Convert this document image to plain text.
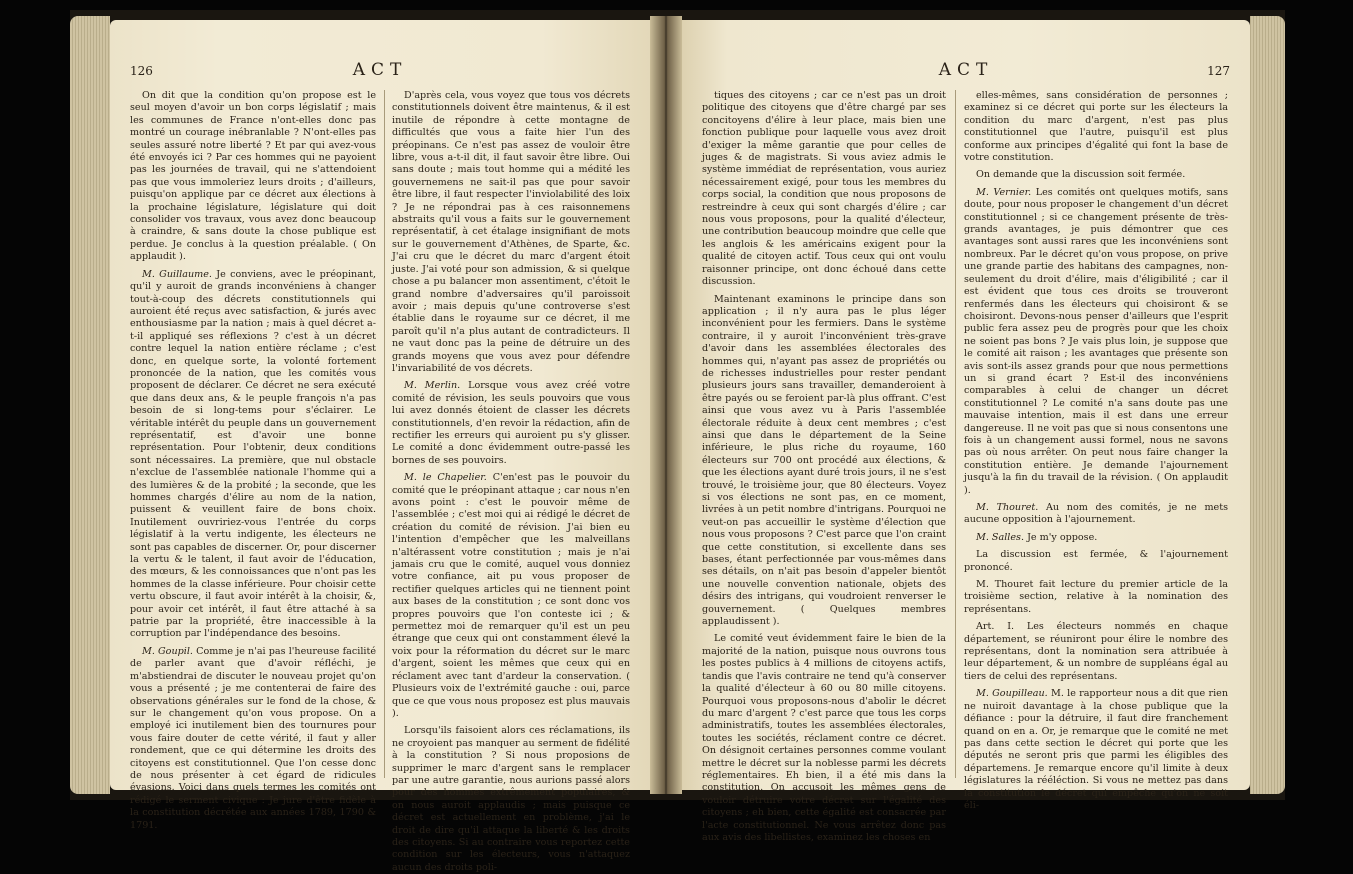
126	ACT

On dit que la condition qu'on propose est le seul moyen d'avoir un bon corps législatif ; mais les communes de France n'ont-elles donc pas montré un courage inébranlable ? N'ont-elles pas seules assuré notre liberté ? Et par qui avez-vous été envoyés ici ? Par ces hommes qui ne payoient pas les journées de travail, qui ne s'attendoient pas que vous immoleriez leurs droits ; d'ailleurs, puisqu'on applique par ce décret aux élections à la prochaine législature, législature qui doit consolider vos travaux, vous avez donc beaucoup à craindre, & sans doute la chose publique est perdue. Je conclus à la question préalable. ( On applaudit ).

M. Guillaume. Je conviens, avec le préopinant, qu'il y auroit de grands inconvéniens à changer tout-à-coup des décrets constitutionnels qui auroient été reçus avec satisfaction, & jurés avec enthousiasme par la nation ; mais à quel décret a-t-il appliqué ses réflexions ? c'est à un décret contre lequel la nation entière réclame ; c'est donc, en quelque sorte, la volonté fortement prononcée de la nation, que les comités vous proposent de déclarer. Ce décret ne sera exécuté que dans deux ans, & le peuple françois n'a pas besoin de si long-tems pour s'éclairer. Le véritable intérêt du peuple dans un gouvernement représentatif, est d'avoir une bonne représentation. Pour l'obtenir, deux conditions sont nécessaires. La première, que nul obstacle n'exclue de l'assemblée nationale l'homme qui a des lumières & de la probité ; la seconde, que les hommes chargés d'élire au nom de la nation, puissent & veuillent faire de bons choix. Inutilement ouvririez-vous l'entrée du corps législatif à la vertu indigente, les électeurs ne sont pas capables de discerner. Or, pour discerner la vertu & le talent, il faut avoir de l'éducation, des mœurs, & les connoissances que n'ont pas les hommes de la classe inférieure. Pour choisir cette vertu obscure, il faut avoir intérêt à la choisir, &, pour avoir cet intérêt, il faut être attaché à sa patrie par la propriété, être inaccessible à la corruption par l'indépendance des besoins.

M. Goupil. Comme je n'ai pas l'heureuse facilité de parler avant que d'avoir réfléchi, je m'abstiendrai de discuter le nouveau projet qu'on vous a présenté ; je me contenterai de faire des observations générales sur le fond de la chose, & sur le changement qu'on vous propose. On a employé ici inutilement bien des tournures pour vous faire douter de cette vérité, il faut y aller rondement, que ce qui détermine les droits des citoyens est constitutionnel. Que l'on cesse donc de nous présenter à cet égard de ridicules évasions. Voici dans quels termes les comités ont rédigé le serment civique : Je jure d'être fidèle à la constitution décrétée aux années 1789, 1790 & 1791.

D'après cela, vous voyez que tous vos décrets constitutionnels doivent être maintenus, & il est inutile de répondre à cette montagne de difficultés que vous a faite hier l'un des préopinans. Ce n'est pas assez de vouloir être libre, vous a-t-il dit, il faut savoir être libre. Oui sans doute ; mais tout homme qui a médité les gouvernemens ne sait-il pas que pour savoir être libre, il faut respecter l'inviolabilité des loix ? Je ne répondrai pas à ces raisonnemens abstraits qu'il vous a faits sur le gouvernement représentatif, à cet étalage insignifiant de mots sur le gouvernement d'Athènes, de Sparte, &c. J'ai cru que le décret du marc d'argent étoit juste. J'ai voté pour son admission, & si quelque chose a pu balancer mon assentiment, c'étoit le grand nombre d'adversaires qu'il paroissoit avoir ; mais depuis qu'une controverse s'est établie dans le royaume sur ce décret, il me paroît qu'il n'a plus autant de contradicteurs. Il ne vaut donc pas la peine de détruire un des grands moyens que vous avez pour défendre l'invariabilité de vos décrets.

M. Merlin. Lorsque vous avez créé votre comité de révision, les seuls pouvoirs que vous lui avez donnés étoient de classer les décrets constitutionnels, d'en revoir la rédaction, afin de rectifier les erreurs qui auroient pu s'y glisser. Le comité a donc évidemment outre-passé les bornes de ses pouvoirs.

M. le Chapelier. C'en'est pas le pouvoir du comité que le préopinant attaque ; car nous n'en avons point : c'est le pouvoir même de l'assemblée ; c'est moi qui ai rédigé le décret de création du comité de révision. J'ai bien eu l'intention d'empêcher que les malveillans n'altérassent votre constitution ; mais je n'ai jamais cru que le comité, auquel vous donniez votre confiance, ait pu vous proposer de rectifier quelques articles qui ne tiennent point aux bases de la constitution ; ce sont donc vos propres pouvoirs que l'on conteste ici ; & permettez moi de remarquer qu'il est un peu étrange que ceux qui ont constamment élevé la voix pour la réformation du décret sur le marc d'argent, soient les mêmes que ceux qui en réclament avec tant d'ardeur la conservation. ( Plusieurs voix de l'extrémité gauche : oui, parce que ce que vous nous proposez est plus mauvais ).

Lorsqu'ils faisoient alors ces réclamations, ils ne croyoient pas manquer au serment de fidélité à la constitution ? Si nous proposions de supprimer le marc d'argent sans le remplacer par une autre garantie, nous aurions passé alors pour des hommes extrêmement populaires, & on nous auroit applaudis ; mais puisque ce décret est actuellement en problème, j'ai le droit de dire qu'il attaque la liberté & les droits des citoyens. Si au contraire vous reportez cette condition sur les électeurs, vous n'attaquez aucun des droits poli-

ACT	127

tiques des citoyens ; car ce n'est pas un droit politique des citoyens que d'être chargé par ses concitoyens d'élire à leur place, mais bien une fonction publique pour laquelle vous avez droit d'exiger la même garantie que pour celles de juges & de magistrats. Si vous aviez admis le système immédiat de représentation, vous auriez nécessairement exigé, pour tous les membres du corps social, la condition que nous proposons de restreindre à ceux qui sont chargés d'élire ; car nous vous proposons, pour la qualité d'électeur, une contribution beaucoup moindre que celle que les anglois & les américains exigent pour la qualité de citoyen actif. Tous ceux qui ont voulu raisonner principe, ont donc échoué dans cette discussion.

Maintenant examinons le principe dans son application ; il n'y aura pas le plus léger inconvénient pour les fermiers. Dans le système contraire, il y auroit l'inconvénient très-grave d'avoir dans les assemblées électorales des hommes qui, n'ayant pas assez de propriétés ou de richesses industrielles pour rester pendant plusieurs jours sans travailler, demanderoient à être payés ou se feroient par-là plus offrant. C'est ainsi que vous avez vu à Paris l'assemblée électorale réduite à deux cent membres ; c'est ainsi que dans le département de la Seine inférieure, le plus riche du royaume, 160 électeurs sur 700 ont procédé aux élections, & que les élections ayant duré trois jours, il ne s'est trouvé, le troisième jour, que 80 électeurs. Voyez si vos élections ne sont pas, en ce moment, livrées à un petit nombre d'intrigans. Pourquoi ne veut-on pas accueillir le système d'élection que nous vous proposons ? C'est parce que l'on craint que cette constitution, si excellente dans ses bases, étant perfectionnée par vous-mêmes dans ses détails, on n'ait pas besoin d'appeler bientôt une nouvelle convention nationale, objets des désirs des intrigans, qui voudroient renverser le gouvernement. ( Quelques membres applaudissent ).

Le comité veut évidemment faire le bien de la majorité de la nation, puisque nous ouvrons tous les postes publics à 4 millions de citoyens actifs, tandis que l'avis contraire ne tend qu'à conserver la qualité d'électeur à 60 ou 80 mille citoyens. Pourquoi vous proposons-nous d'abolir le décret du marc d'argent ? c'est parce que tous les corps administratifs, toutes les assemblées électorales, toutes les sociétés, réclament contre ce décret. On désignoit certaines personnes comme voulant mettre le décret sur la noblesse parmi les décrets réglementaires. Eh bien, il a été mis dans la constitution. On accusoit les mêmes gens de vouloir détruire votre décret sur l'égalité des citoyens ; eh bien, cette égalité est consacrée par l'acte constitutionnel. Ne vous arrêtez donc pas aux avis des libellistes, examinez les choses en

elles-mêmes, sans considération de personnes ; examinez si ce décret qui porte sur les électeurs la condition du marc d'argent, n'est pas plus constitutionnel que l'autre, puisqu'il est plus conforme aux principes d'égalité qui font la base de votre constitution.

On demande que la discussion soit fermée.

M. Vernier. Les comités ont quelques motifs, sans doute, pour nous proposer le changement d'un décret constitutionnel ; si ce changement présente de très-grands avantages, je puis démontrer que ces avantages sont aussi rares que les inconvéniens sont nombreux. Par le décret qu'on vous propose, on prive une grande partie des habitans des campagnes, non-seulement du droit d'élire, mais d'éligibilité ; car il est évident que tous ces droits se trouveront renfermés dans les électeurs qui choisiront & se choisiront. Devons-nous penser d'ailleurs que l'esprit public fera assez peu de progrès pour que les choix ne soient pas bons ? Je vais plus loin, je suppose que le comité ait raison ; les avantages que présente son avis sont-ils assez grands pour que nous permettions un si grand écart ? Est-il des inconvéniens comparables à celui de changer un décret constitutionnel ? Le comité n'a sans doute pas une mauvaise intention, mais il est dans une erreur dangereuse. Il ne voit pas que si nous consentons une fois à un changement aussi formel, nous ne savons pas où nous arrêter. On peut nous faire changer la constitution entière. Je demande l'ajournement jusqu'à la fin du travail de la révision. ( On applaudit ).

M. Thouret. Au nom des comités, je ne mets aucune opposition à l'ajournement.

M. Salles. Je m'y oppose.

La discussion est fermée, & l'ajournement prononcé.

M. Thouret fait lecture du premier article de la troisième section, relative à la nomination des représentans.

Art. I. Les électeurs nommés en chaque département, se réuniront pour élire le nombre des représentans, dont la nomination sera attribuée à leur département, & un nombre de suppléans égal au tiers de celui des représentans.

M. Goupilleau. M. le rapporteur nous a dit que rien ne nuiroit davantage à la chose publique que la défiance : pour la détruire, il faut dire franchement quand on en a. Or, je remarque que le comité ne met pas dans cette section le décret qui porte que les députés ne seront pris que parmi les éligibles des départemens. Je remarque encore qu'il limite à deux législatures la rééléction. Si vous ne mettez pas dans la constitution le décret qui empêche qu'on ne soit éli-
